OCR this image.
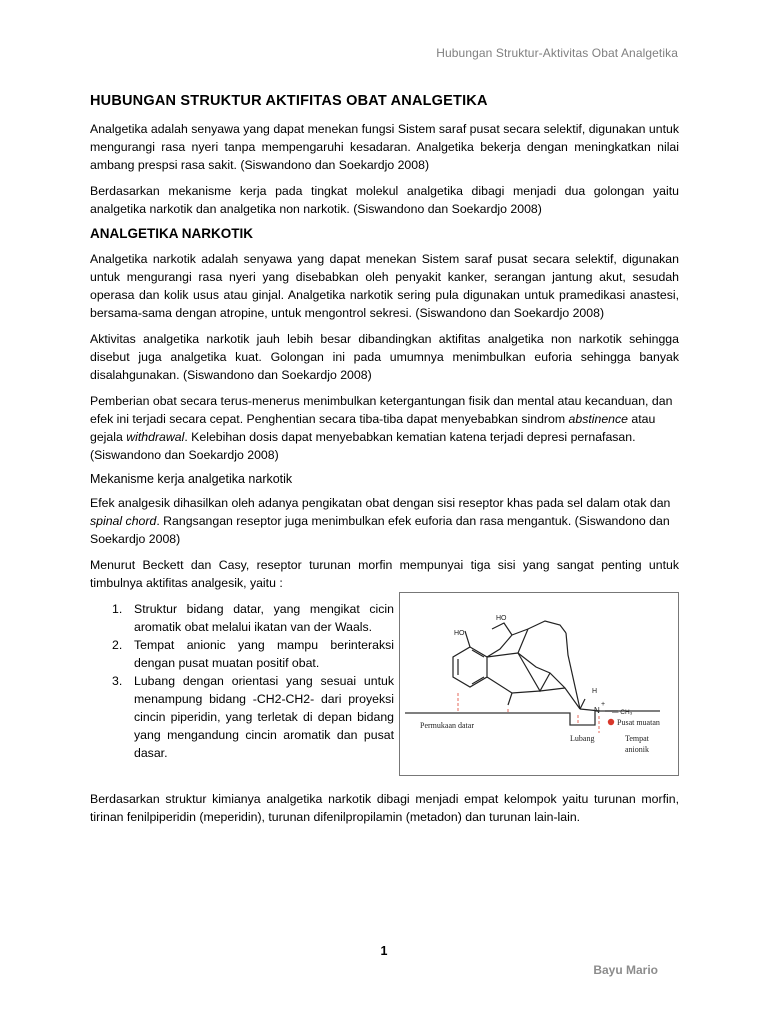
Hubungan Struktur-Aktivitas Obat Analgetika
HUBUNGAN STRUKTUR AKTIFITAS OBAT ANALGETIKA

Analgetika adalah senyawa yang dapat menekan fungsi Sistem saraf pusat secara selektif, digunakan untuk mengurangi rasa nyeri tanpa mempengaruhi kesadaran. Analgetika bekerja dengan meningkatkan nilai ambang prespsi rasa sakit. (Siswandono dan Soekardjo 2008)

Berdasarkan mekanisme kerja pada tingkat molekul analgetika dibagi menjadi dua golongan yaitu analgetika narkotik dan analgetika non narkotik. (Siswandono dan Soekardjo 2008)

ANALGETIKA NARKOTIK

Analgetika narkotik adalah senyawa yang dapat menekan Sistem saraf pusat secara selektif, digunakan untuk mengurangi rasa nyeri yang disebabkan oleh penyakit kanker, serangan jantung akut, sesudah operasa dan kolik usus atau ginjal. Analgetika narkotik sering pula digunakan untuk pramedikasi anastesi, bersama-sama dengan atropine, untuk mengontrol sekresi. (Siswandono dan Soekardjo 2008)

Aktivitas analgetika narkotik jauh lebih besar dibandingkan aktifitas analgetika non narkotik sehingga disebut juga analgetika kuat. Golongan ini pada umumnya menimbulkan euforia sehingga banyak disalahgunakan. (Siswandono dan Soekardjo 2008)

Pemberian obat secara terus-menerus menimbulkan ketergantungan fisik dan mental atau kecanduan, dan efek ini terjadi secara cepat. Penghentian secara tiba-tiba dapat menyebabkan sindrom abstinence atau gejala withdrawal. Kelebihan dosis dapat menyebabkan kematian katena terjadi depresi pernafasan. (Siswandono dan Soekardjo 2008)

Mekanisme kerja analgetika narkotik

Efek analgesik dihasilkan oleh adanya pengikatan obat dengan sisi reseptor khas pada sel dalam otak dan spinal chord. Rangsangan reseptor juga menimbulkan efek euforia dan rasa mengantuk. (Siswandono dan Soekardjo 2008)

Menurut Beckett dan Casy, reseptor turunan morfin mempunyai tiga sisi yang sangat penting untuk timbulnya aktifitas analgesik, yaitu :

1. Struktur bidang datar, yang mengikat cicin aromatik obat melalui ikatan van der Waals.
2. Tempat anionic yang mampu berinteraksi dengan pusat muatan positif obat.
3. Lubang dengan orientasi yang sesuai untuk menampung bidang -CH2-CH2- dari proyeksi cincin piperidin, yang terletak di depan bidang yang mengandung cincin aromatik dan pusat dasar.
HO
HO
H
N
+
— CH₃
Permukaan datar
Lubang
Pusat muatan
Tempat
anionik

Berdasarkan struktur kimianya analgetika narkotik dibagi menjadi empat kelompok yaitu turunan morfin, tirinan fenilpiperidin (meperidin), turunan difenilpropilamin (metadon) dan turunan lain-lain.

1
Bayu Mario
